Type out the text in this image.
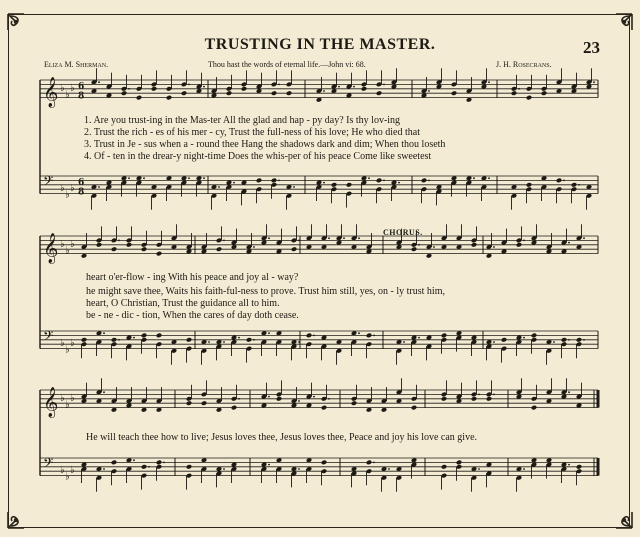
TRUSTING IN THE MASTER.	23
Eliza M. Sherman.	Thou hast the words of eternal life.—John vi: 68.	J. H. Rosecrans.
𝄞 ♭
♭
♭ 6
8
𝄢 ♭
♭
♭
6
8
𝄞 ♭
♭
♭
𝄢 ♭
♭
♭
𝄞 ♭
♭
♭
𝄢 ♭
♭
♭
CHORUS.
1. Are you trust-ing in the Mas-ter All the glad and hap - py day? Is thy lov-ing
2. Trust the rich - es of his mer - cy, Trust the full-ness of his love; He who died that
3. Trust in Je - sus when a - round thee Hang the shadows dark and dim; When thou loseth
4. Of - ten in the drear-y night-time Does the whis-per of his peace Come like sweetest
heart o'er-flow - ing With his peace and joy al - way?
he might save thee, Waits his faith-ful-ness to prove. Trust him still, yes, on - ly trust him,
heart, O Christian, Trust the guidance all to him.
be - ne - dic - tion, When the cares of day doth cease.
He will teach thee how to live; Jesus loves thee, Jesus loves thee, Peace and joy his love can give.
